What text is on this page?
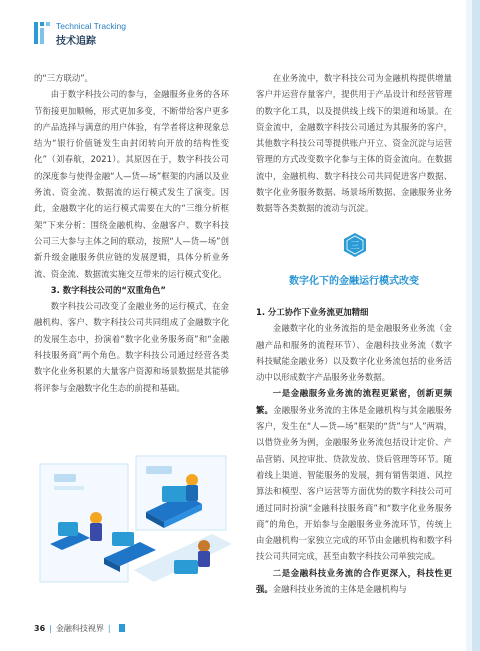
Technical Tracking
技术追踪

的“三方联动”。

由于数字科技公司的参与，金融服务业务的各环节衔接更加顺畅，形式更加多变，不断带给客户更多的产品选择与满意的用户体验，有学者将这种现象总结为“银行价值链发生由封闭转向开放的结构性变化”（刘春航，2021）。其原因在于，数字科技公司的深度参与使得金融“人—货—场”框架的内涵以及业务流、资金流、数据流的运行模式发生了演变。因此，金融数字化的运行模式需要在大的“三维分析框架”下来分析：围绕金融机构、金融客户、数字科技公司三大参与主体之间的联动，按照“人—货—场”创新升级金融服务供应链的发展逻辑，具体分析业务流、资金流、数据流实施交互带来的运行模式变化。

3. 数字科技公司的“双重角色”

数字科技公司改变了金融业务的运行模式，在金融机构、客户、数字科技公司共同组成了金融数字化的发展生态中，扮演着“数字化业务服务商”和“金融科技服务商”两个角色。数字科技公司通过经营各类数字化业务积累的大量客户资源和场景数据是其能够将评参与金融数字化生态的前提和基础。

在业务流中，数字科技公司为金融机构提供增量客户并运营存量客户，提供用于产品设计和经营管理的数字化工具，以及提供线上线下的渠道和场景。在资金流中，金融数字科技公司通过为其服务的客户，其他数字科技公司等提供账户开立、资金沉淀与运营管理的方式改变数字化参与主体的资金流向。在数据流中，金融机构、数字科技公司共同促进客户数据、数字化业务服务数据、场景场所数据、金融服务业务数据等各类数据的流动与沉淀。

三
数字化下的金融运行模式改变

1. 分工协作下业务流更加精细

金融数字化的业务流指的是金融服务业务流（金融产品和服务的流程环节）、金融科技业务流（数字科技赋能金融业务）以及数字化业务流包括的业务活动中以形成数字产品服务业务数据。

一是金融服务业务流的流程更紧密，创新更频繁。金融服务业务流的主体是金融机构与其金融服务客户，发生在“人—货—场”框架的“货”与“人”两端，以借贷业务为例，金融服务业务流包括设计定价、产品营销、风控审批、贷款发放、贷后管理等环节。随着线上渠道、智能服务的发展，拥有销售渠道、风控算法和模型、客户运营等方面优势的数字科技公司可通过同时扮演“金融科技服务商”和“数字化业务服务商”的角色，开始参与金融服务业务流环节，传统上由金融机构一家独立完成的环节由金融机构和数字科技公司共同完成，甚至由数字科技公司单独完成。

二是金融科技业务流的合作更深入，科技性更强。金融科技业务流的主体是金融机构与

36 | 金融科技视界 |
